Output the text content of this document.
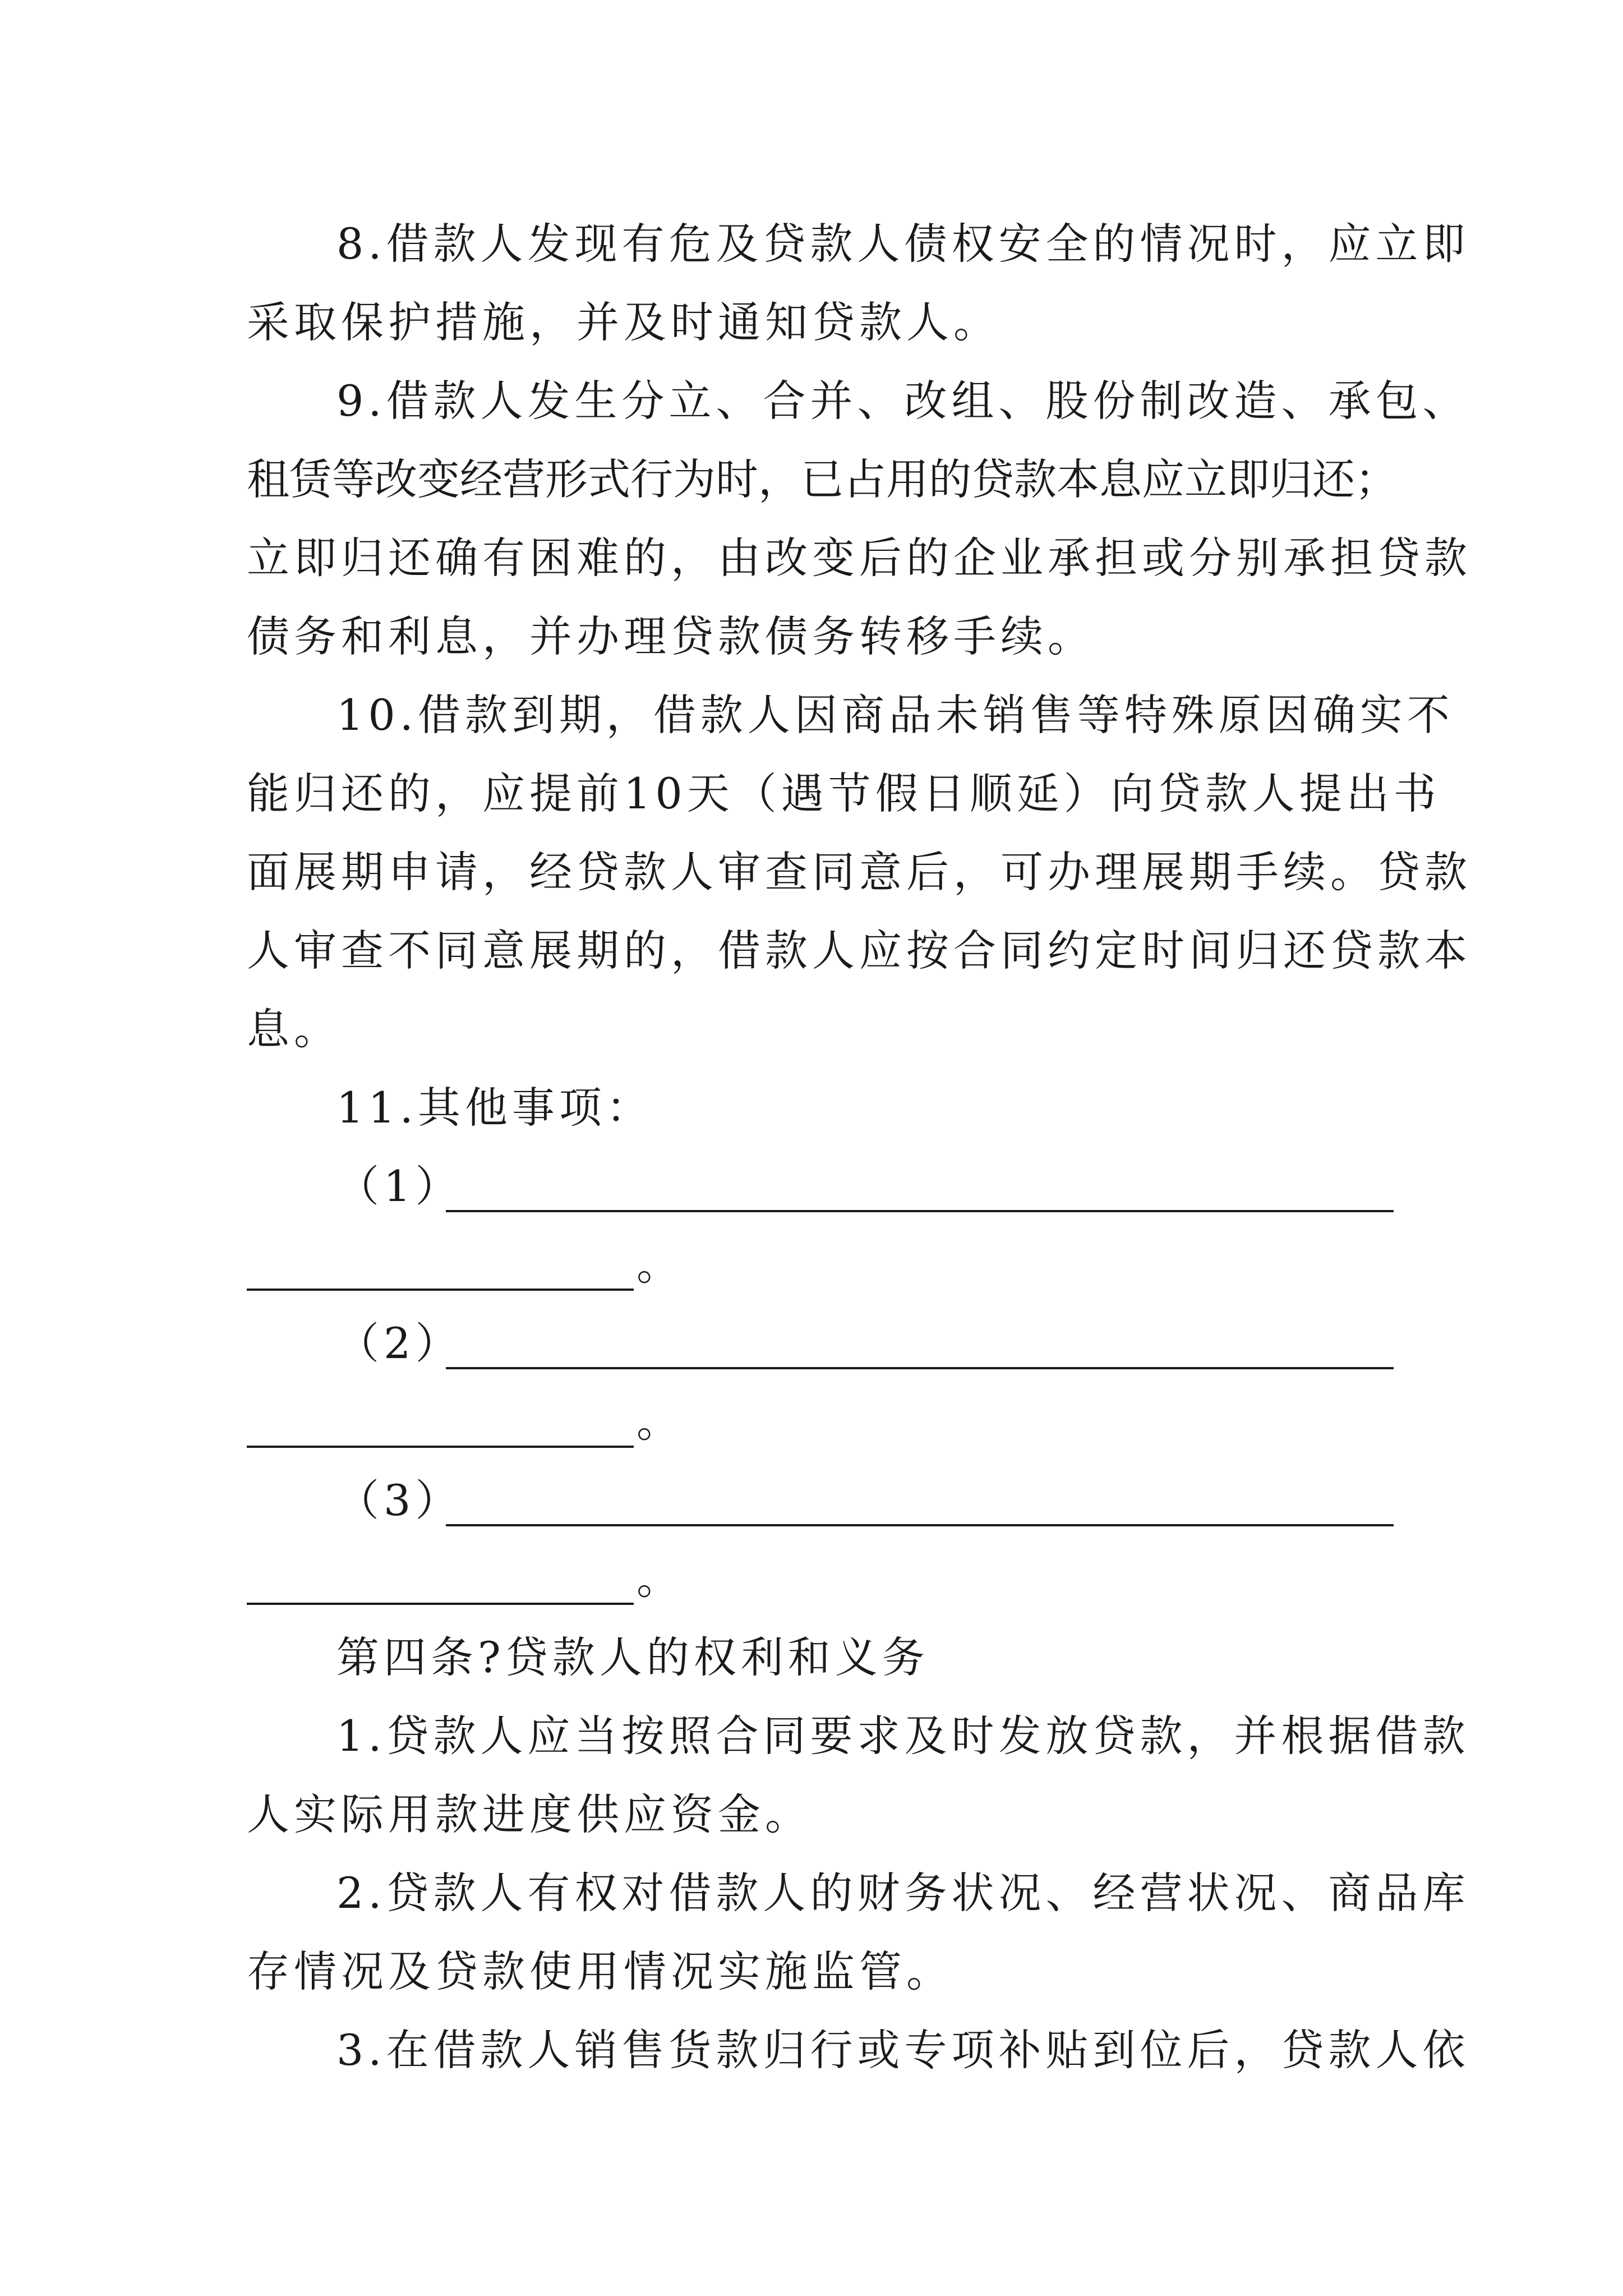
8.借款人发现有危及贷款人债权安全的情况时，应立即
采取保护措施，并及时通知贷款人。
9.借款人发生分立、合并、改组、股份制改造、承包、
租赁等改变经营形式行为时，已占用的贷款本息应立即归还；
立即归还确有困难的，由改变后的企业承担或分别承担贷款
债务和利息，并办理贷款债务转移手续。
10.借款到期，借款人因商品未销售等特殊原因确实不
能归还的，应提前10天（遇节假日顺延）向贷款人提出书
面展期申请，经贷款人审查同意后，可办理展期手续。贷款
人审查不同意展期的，借款人应按合同约定时间归还贷款本
息。
11.其他事项：
（1）
。
（2）
。
（3）
。
第四条?贷款人的权利和义务
1.贷款人应当按照合同要求及时发放贷款，并根据借款
人实际用款进度供应资金。
2.贷款人有权对借款人的财务状况、经营状况、商品库
存情况及贷款使用情况实施监管。
3.在借款人销售货款归行或专项补贴到位后，贷款人依
